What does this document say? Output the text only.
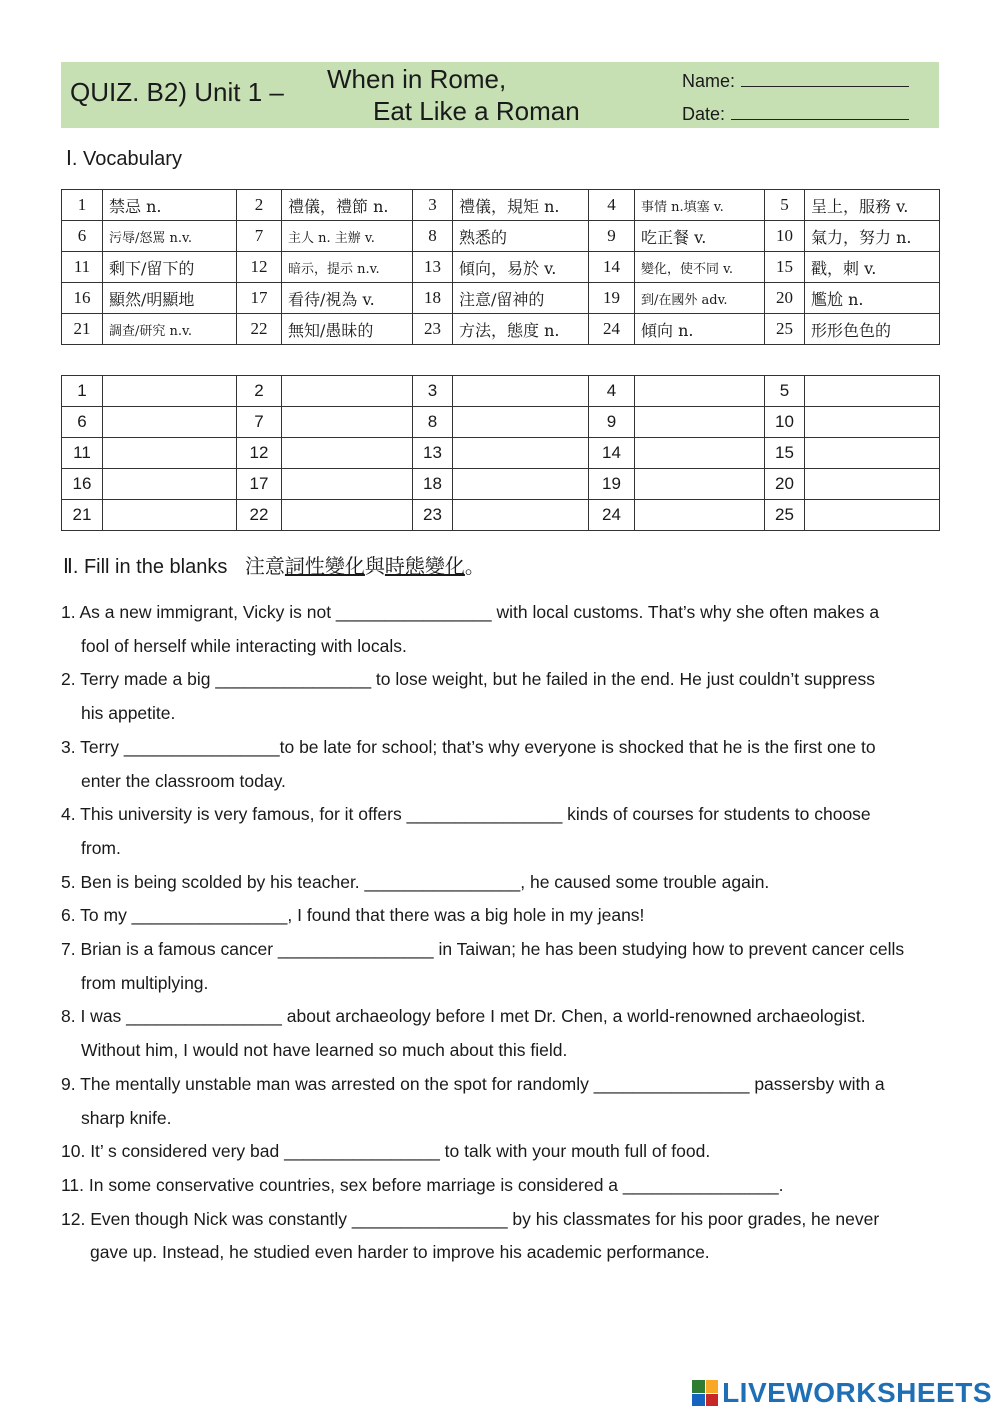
QUIZ. B2) Unit 1 – When in Rome,
Eat Like a Roman
Name:
Date:
Ⅰ. Vocabulary
1	禁忌 n.	2	禮儀，禮節 n.	3	禮儀，規矩 n.	4	事情 n.填塞 v.	5	呈上，服務 v.
6	污辱/怒罵 n.v.	7	主人 n. 主辦 v.	8	熟悉的	9	吃正餐 v.	10	氣力，努力 n.
11	剩下/留下的	12	暗示，提示 n.v.	13	傾向，易於 v.	14	變化，使不同 v.	15	戳，刺 v.
16	顯然/明顯地	17	看待/視為 v.	18	注意/留神的	19	到/在國外 adv.	20	尷尬 n.
21	調查/研究 n.v.	22	無知/愚昧的	23	方法，態度 n.	24	傾向 n.	25	形形色色的
1		2		3		4		5	
6		7		8		9		10	
11		12		13		14		15	
16		17		18		19		20	
21		22		23		24		25	
Ⅱ. Fill in the blanks 注意詞性變化與時態變化。
1. As a new immigrant, Vicky is not ________________ with local customs. That’s why she often makes a
fool of herself while interacting with locals.
2. Terry made a big ________________ to lose weight, but he failed in the end. He just couldn’t suppress
his appetite.
3. Terry ________________to be late for school; that’s why everyone is shocked that he is the first one to
enter the classroom today.
4. This university is very famous, for it offers ________________ kinds of courses for students to choose
from.
5. Ben is being scolded by his teacher. ________________, he caused some trouble again.
6. To my ________________, I found that there was a big hole in my jeans!
7. Brian is a famous cancer ________________ in Taiwan; he has been studying how to prevent cancer cells
from multiplying.
8. I was ________________ about archaeology before I met Dr. Chen, a world-renowned archaeologist.
Without him, I would not have learned so much about this field.
9. The mentally unstable man was arrested on the spot for randomly ________________ passersby with a
sharp knife.
10. It’ s considered very bad ________________ to talk with your mouth full of food.
11. In some conservative countries, sex before marriage is considered a ________________.
12. Even though Nick was constantly ________________ by his classmates for his poor grades, he never
gave up. Instead, he studied even harder to improve his academic performance.
LIVEWORKSHEETS
